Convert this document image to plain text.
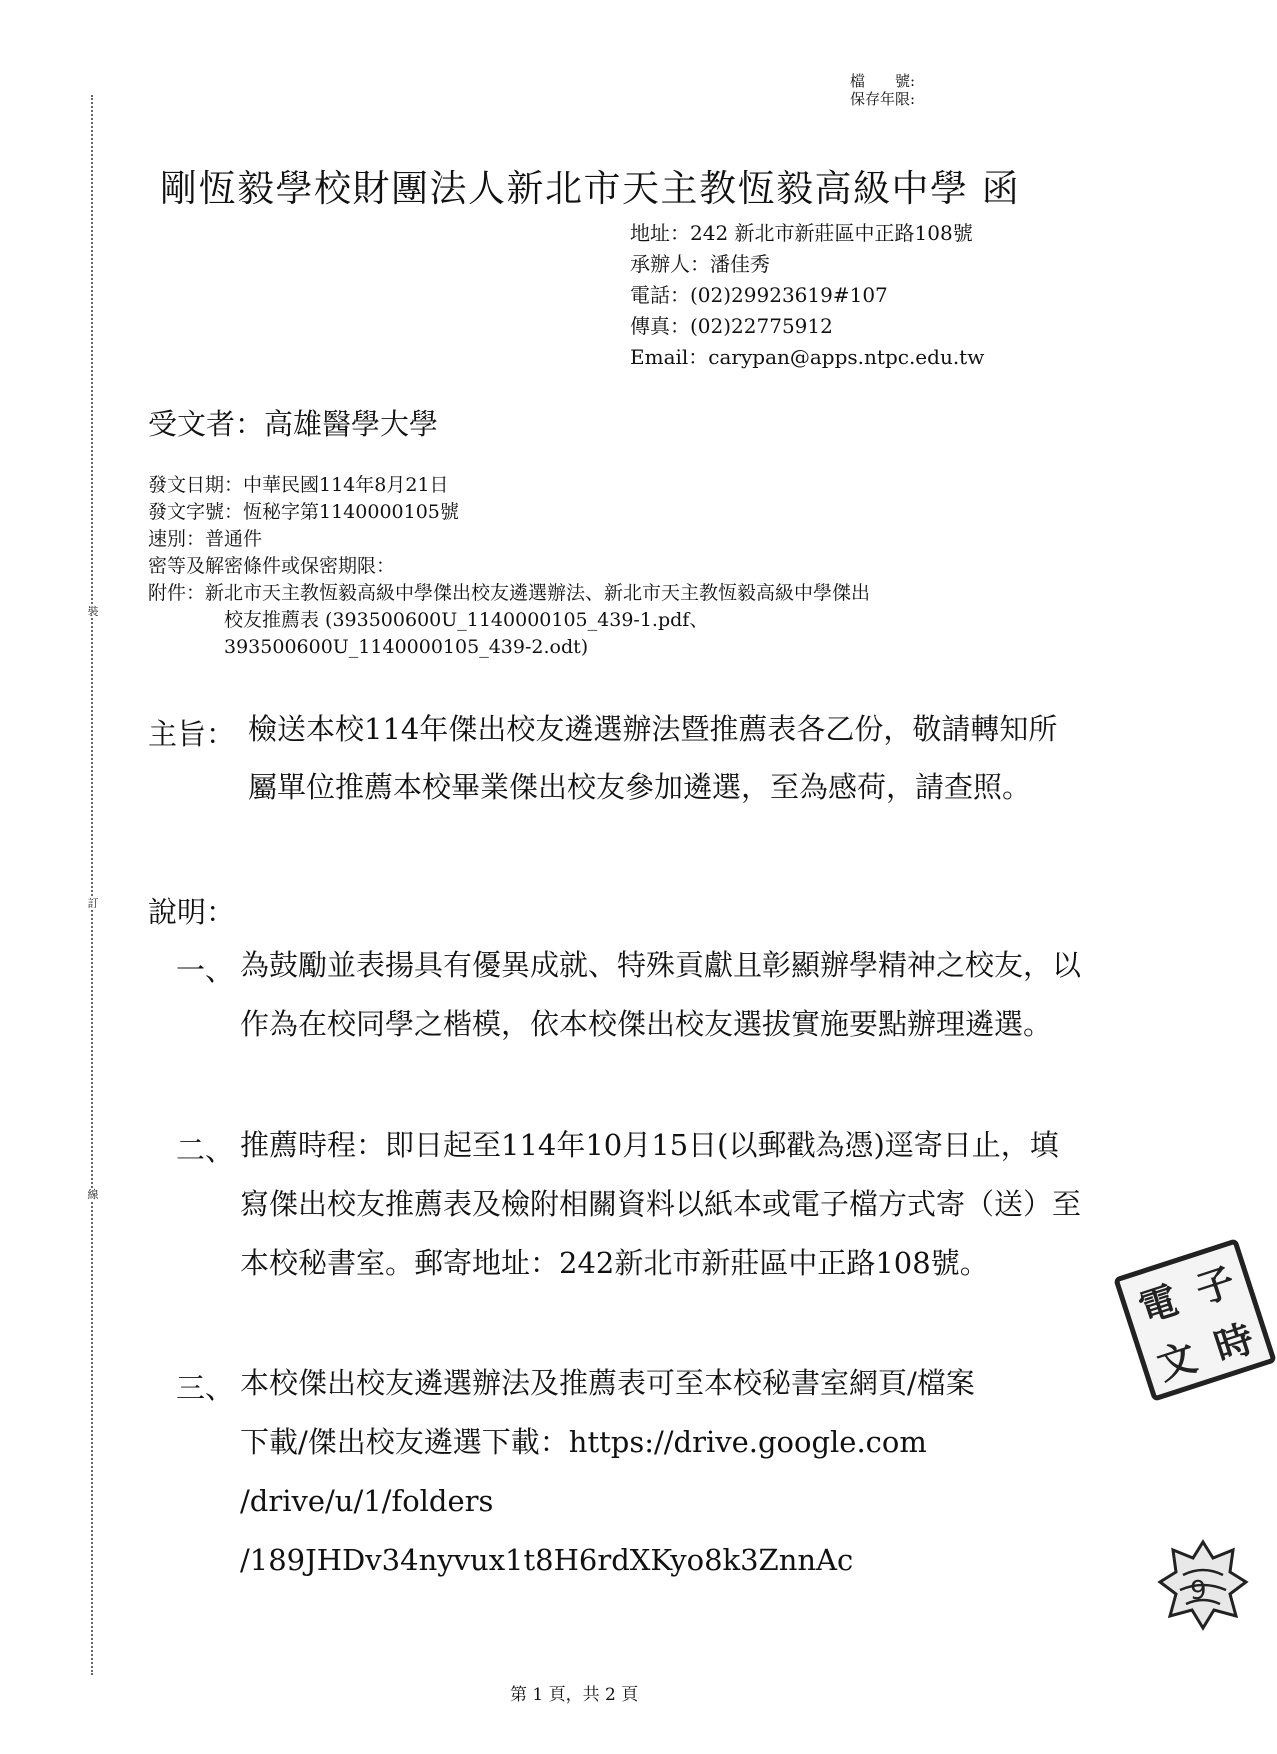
裝
訂
線
檔　　號:
保存年限:
剛恆毅學校財團法人新北市天主教恆毅高級中學 函
地址：242 新北市新莊區中正路108號
承辦人：潘佳秀
電話：(02)29923619#107
傳真：(02)22775912
Email：carypan@apps.ntpc.edu.tw
受文者：高雄醫學大學
發文日期：中華民國114年8月21日
發文字號：恆秘字第1140000105號
速別：普通件
密等及解密條件或保密期限：
附件：新北市天主教恆毅高級中學傑出校友遴選辦法、新北市天主教恆毅高級中學傑出
校友推薦表 (393500600U_1140000105_439-1.pdf、
393500600U_1140000105_439-2.odt)
主旨： 檢送本校114年傑出校友遴選辦法暨推薦表各乙份，敬請轉知所屬單位推薦本校畢業傑出校友參加遴選，至為感荷，請查照。
說明：
一、 為鼓勵並表揚具有優異成就、特殊貢獻且彰顯辦學精神之校友，以作為在校同學之楷模，依本校傑出校友選拔實施要點辦理遴選。
二、 推薦時程：即日起至114年10月15日(以郵戳為憑)逕寄日止，填寫傑出校友推薦表及檢附相關資料以紙本或電子檔方式寄（送）至本校秘書室。郵寄地址：242新北市新莊區中正路108號。
三、 本校傑出校友遴選辦法及推薦表可至本校秘書室網頁/檔案
下載/傑出校友遴選下載：https://drive.google.com
/drive/u/1/folders
/189JHDv34nyvux1t8H6rdXKyo8k3ZnnAc
電 子
文 時
9
第 1 頁，共 2 頁
